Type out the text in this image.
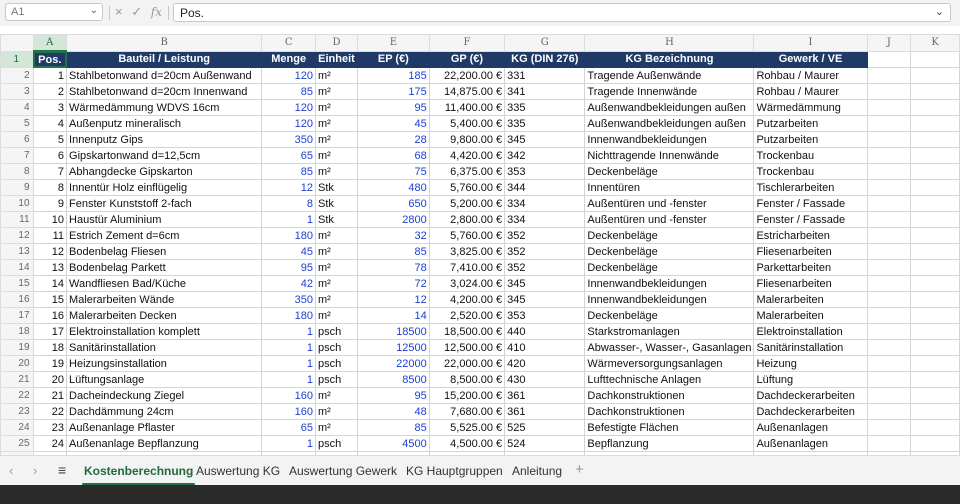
A1	⌄ × ✓ fx	Pos.	⌄
	A	B	C	D	E	F	G	H	I	J	K
1	Pos.	Bauteil / Leistung	Menge	Einheit	EP (€)	GP (€)	KG (DIN 276)	KG Bezeichnung	Gewerk / VE		
2	1	Stahlbetonwand d=20cm Außenwand	120	m²	185	22,200.00 €	331	Tragende Außenwände	Rohbau / Maurer		
3	2	Stahlbetonwand d=20cm Innenwand	85	m²	175	14,875.00 €	341	Tragende Innenwände	Rohbau / Maurer		
4	3	Wärmedämmung WDVS 16cm	120	m²	95	11,400.00 €	335	Außenwandbekleidungen außen	Wärmedämmung		
5	4	Außenputz mineralisch	120	m²	45	5,400.00 €	335	Außenwandbekleidungen außen	Putzarbeiten		
6	5	Innenputz Gips	350	m²	28	9,800.00 €	345	Innenwandbekleidungen	Putzarbeiten		
7	6	Gipskartonwand d=12,5cm	65	m²	68	4,420.00 €	342	Nichttragende Innenwände	Trockenbau		
8	7	Abhangdecke Gipskarton	85	m²	75	6,375.00 €	353	Deckenbeläge	Trockenbau		
9	8	Innentür Holz einflügelig	12	Stk	480	5,760.00 €	344	Innentüren	Tischlerarbeiten		
10	9	Fenster Kunststoff 2-fach	8	Stk	650	5,200.00 €	334	Außentüren und -fenster	Fenster / Fassade		
11	10	Haustür Aluminium	1	Stk	2800	2,800.00 €	334	Außentüren und -fenster	Fenster / Fassade		
12	11	Estrich Zement d=6cm	180	m²	32	5,760.00 €	352	Deckenbeläge	Estricharbeiten		
13	12	Bodenbelag Fliesen	45	m²	85	3,825.00 €	352	Deckenbeläge	Fliesenarbeiten		
14	13	Bodenbelag Parkett	95	m²	78	7,410.00 €	352	Deckenbeläge	Parkettarbeiten		
15	14	Wandfliesen Bad/Küche	42	m²	72	3,024.00 €	345	Innenwandbekleidungen	Fliesenarbeiten		
16	15	Malerarbeiten Wände	350	m²	12	4,200.00 €	345	Innenwandbekleidungen	Malerarbeiten		
17	16	Malerarbeiten Decken	180	m²	14	2,520.00 €	353	Deckenbeläge	Malerarbeiten		
18	17	Elektroinstallation komplett	1	psch	18500	18,500.00 €	440	Starkstromanlagen	Elektroinstallation		
19	18	Sanitärinstallation	1	psch	12500	12,500.00 €	410	Abwasser-, Wasser-, Gasanlagen	Sanitärinstallation		
20	19	Heizungsinstallation	1	psch	22000	22,000.00 €	420	Wärmeversorgungsanlagen	Heizung		
21	20	Lüftungsanlage	1	psch	8500	8,500.00 €	430	Lufttechnische Anlagen	Lüftung		
22	21	Dacheindeckung Ziegel	160	m²	95	15,200.00 €	361	Dachkonstruktionen	Dachdeckerarbeiten		
23	22	Dachdämmung 24cm	160	m²	48	7,680.00 €	361	Dachkonstruktionen	Dachdeckerarbeiten		
24	23	Außenanlage Pflaster	65	m²	85	5,525.00 €	525	Befestigte Flächen	Außenanlagen		
25	24	Außenanlage Bepflanzung	1	psch	4500	4,500.00 €	524	Bepflanzung	Außenanlagen		

‹ › ≡ Kostenberechnung Auswertung KG Auswertung Gewerk KG Hauptgruppen Anleitung +
